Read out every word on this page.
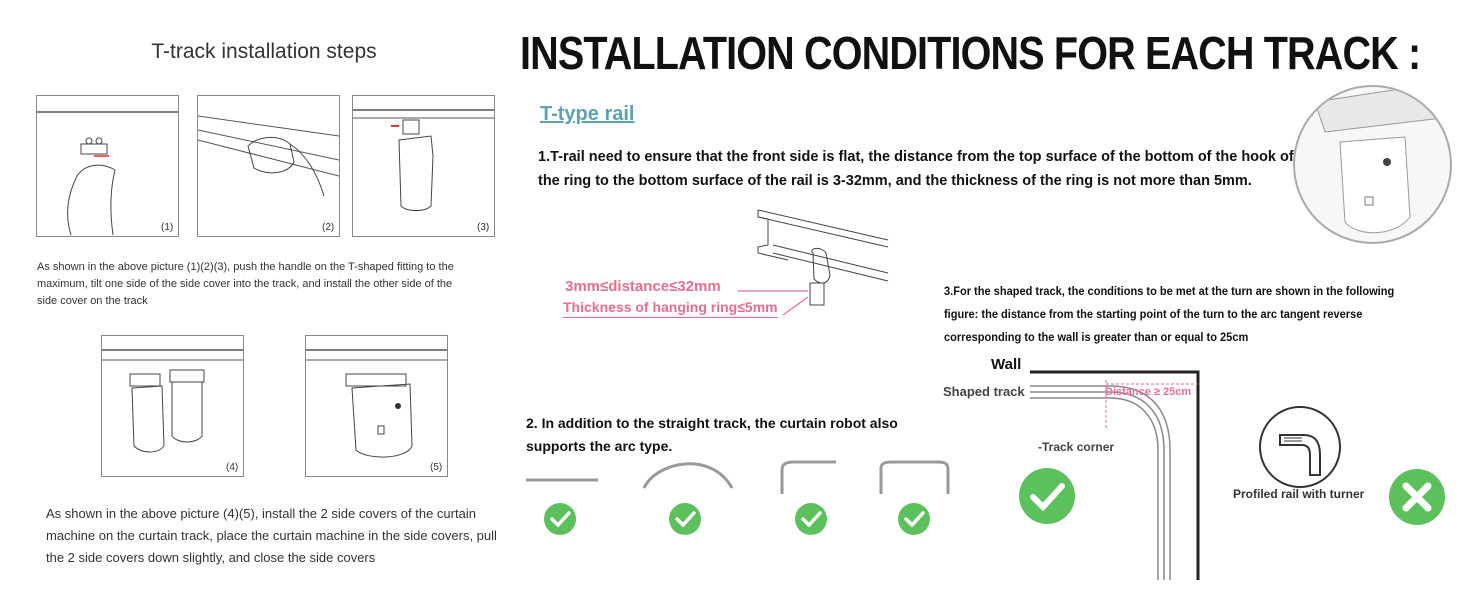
T-track installation steps
(1)	(2)	(3)
As shown in the above picture (1)(2)(3), push the handle on the T-shaped fitting to the maximum, tilt one side of the side cover into the track, and install the other side of the side cover on the track
(4)	(5)
As shown in the above picture (4)(5), install the 2 side covers of the curtain machine on the curtain track, place the curtain machine in the side covers, pull the 2 side covers down slightly, and close the side covers
INSTALLATION CONDITIONS FOR EACH TRACK :
T-type rail
1.T-rail need to ensure that the front side is flat, the distance from the top surface of the bottom of the hook of the ring to the bottom surface of the rail is 3-32mm, and the thickness of the ring is not more than 5mm.
3mm≤distance≤32mm
Thickness of hanging ring≤5mm
3.For the shaped track, the conditions to be met at the turn are shown in the following figure: the distance from the starting point of the turn to the arc tangent reverse corresponding to the wall is greater than or equal to 25cm
2. In addition to the straight track, the curtain robot also supports the arc type.
Wall
Shaped track	Distance ≥ 25cm
-Track corner
Profiled rail with turner
